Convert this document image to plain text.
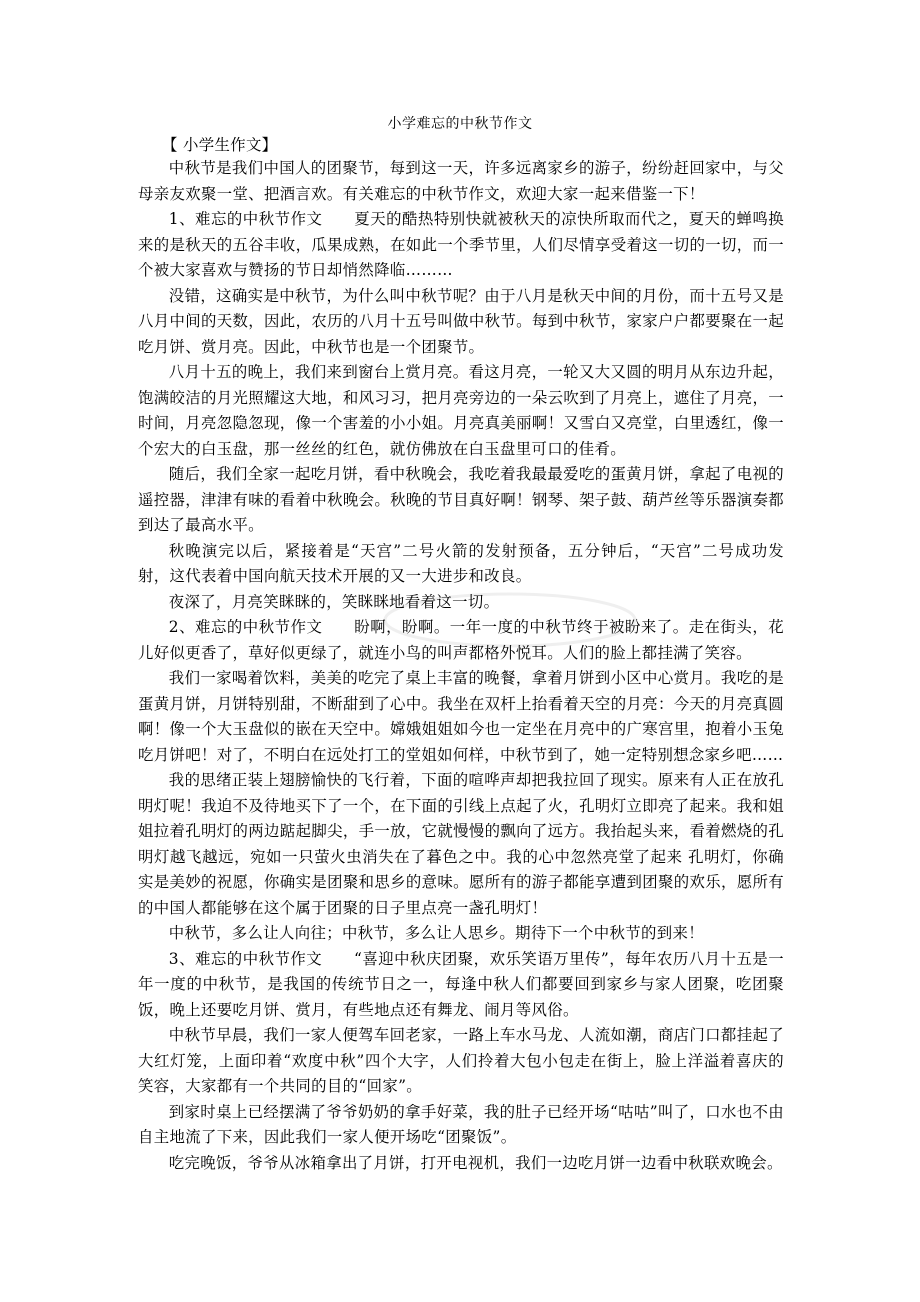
小学难忘的中秋节作文

【 小学生作文】

中秋节是我们中国人的团聚节，每到这一天，许多远离家乡的游子，纷纷赶回家中，与父母亲友欢聚一堂、把酒言欢。有关难忘的中秋节作文，欢迎大家一起来借鉴一下！

1、难忘的中秋节作文　　夏天的酷热特别快就被秋天的凉快所取而代之，夏天的蝉鸣换来的是秋天的五谷丰收，瓜果成熟，在如此一个季节里，人们尽情享受着这一切的一切，而一个被大家喜欢与赞扬的节日却悄然降临………

没错，这确实是中秋节，为什么叫中秋节呢？由于八月是秋天中间的月份，而十五号又是八月中间的天数，因此，农历的八月十五号叫做中秋节。每到中秋节，家家户户都要聚在一起吃月饼、赏月亮。因此，中秋节也是一个团聚节。

八月十五的晚上，我们来到窗台上赏月亮。看这月亮，一轮又大又圆的明月从东边升起，饱满皎洁的月光照耀这大地，和风习习，把月亮旁边的一朵云吹到了月亮上，遮住了月亮，一时间，月亮忽隐忽现，像一个害羞的小小姐。月亮真美丽啊！又雪白又亮堂，白里透红，像一个宏大的白玉盘，那一丝丝的红色，就仿佛放在白玉盘里可口的佳肴。

随后，我们全家一起吃月饼，看中秋晚会，我吃着我最最爱吃的蛋黄月饼，拿起了电视的遥控器，津津有味的看着中秋晚会。秋晚的节目真好啊！钢琴、架子鼓、葫芦丝等乐器演奏都到达了最高水平。

秋晚演完以后，紧接着是“天宫”二号火箭的发射预备，五分钟后，“天宫”二号成功发射，这代表着中国向航天技术开展的又一大进步和改良。

夜深了，月亮笑眯眯的，笑眯眯地看着这一切。

2、难忘的中秋节作文　　盼啊，盼啊。一年一度的中秋节终于被盼来了。走在街头，花儿好似更香了，草好似更绿了，就连小鸟的叫声都格外悦耳。人们的脸上都挂满了笑容。

我们一家喝着饮料，美美的吃完了桌上丰富的晚餐，拿着月饼到小区中心赏月。我吃的是蛋黄月饼，月饼特别甜，不断甜到了心中。我坐在双杆上抬看着天空的月亮：今天的月亮真圆啊！像一个大玉盘似的嵌在天空中。嫦娥姐姐如今也一定坐在月亮中的广寒宫里，抱着小玉兔吃月饼吧！对了，不明白在远处打工的堂姐如何样，中秋节到了，她一定特别想念家乡吧……

我的思绪正装上翅膀愉快的飞行着，下面的喧哗声却把我拉回了现实。原来有人正在放孔明灯呢！我迫不及待地买下了一个，在下面的引线上点起了火，孔明灯立即亮了起来。我和姐姐拉着孔明灯的两边踮起脚尖，手一放，它就慢慢的飘向了远方。我抬起头来，看着燃烧的孔明灯越飞越远，宛如一只萤火虫消失在了暮色之中。我的心中忽然亮堂了起来 孔明灯，你确实是美妙的祝愿，你确实是团聚和思乡的意味。愿所有的游子都能享遭到团聚的欢乐，愿所有的中国人都能够在这个属于团聚的日子里点亮一盏孔明灯！

中秋节，多么让人向往；中秋节，多么让人思乡。期待下一个中秋节的到来！

3、难忘的中秋节作文　　“喜迎中秋庆团聚，欢乐笑语万里传”，每年农历八月十五是一年一度的中秋节，是我国的传统节日之一，每逢中秋人们都要回到家乡与家人团聚，吃团聚饭，晚上还要吃月饼、赏月，有些地点还有舞龙、闹月等风俗。

中秋节早晨，我们一家人便驾车回老家，一路上车水马龙、人流如潮，商店门口都挂起了大红灯笼，上面印着“欢度中秋”四个大字，人们拎着大包小包走在街上，脸上洋溢着喜庆的笑容，大家都有一个共同的目的“回家”。

到家时桌上已经摆满了爷爷奶奶的拿手好菜，我的肚子已经开场“咕咕”叫了，口水也不由自主地流了下来，因此我们一家人便开场吃“团聚饭”。

吃完晚饭，爷爷从冰箱拿出了月饼，打开电视机，我们一边吃月饼一边看中秋联欢晚会。
